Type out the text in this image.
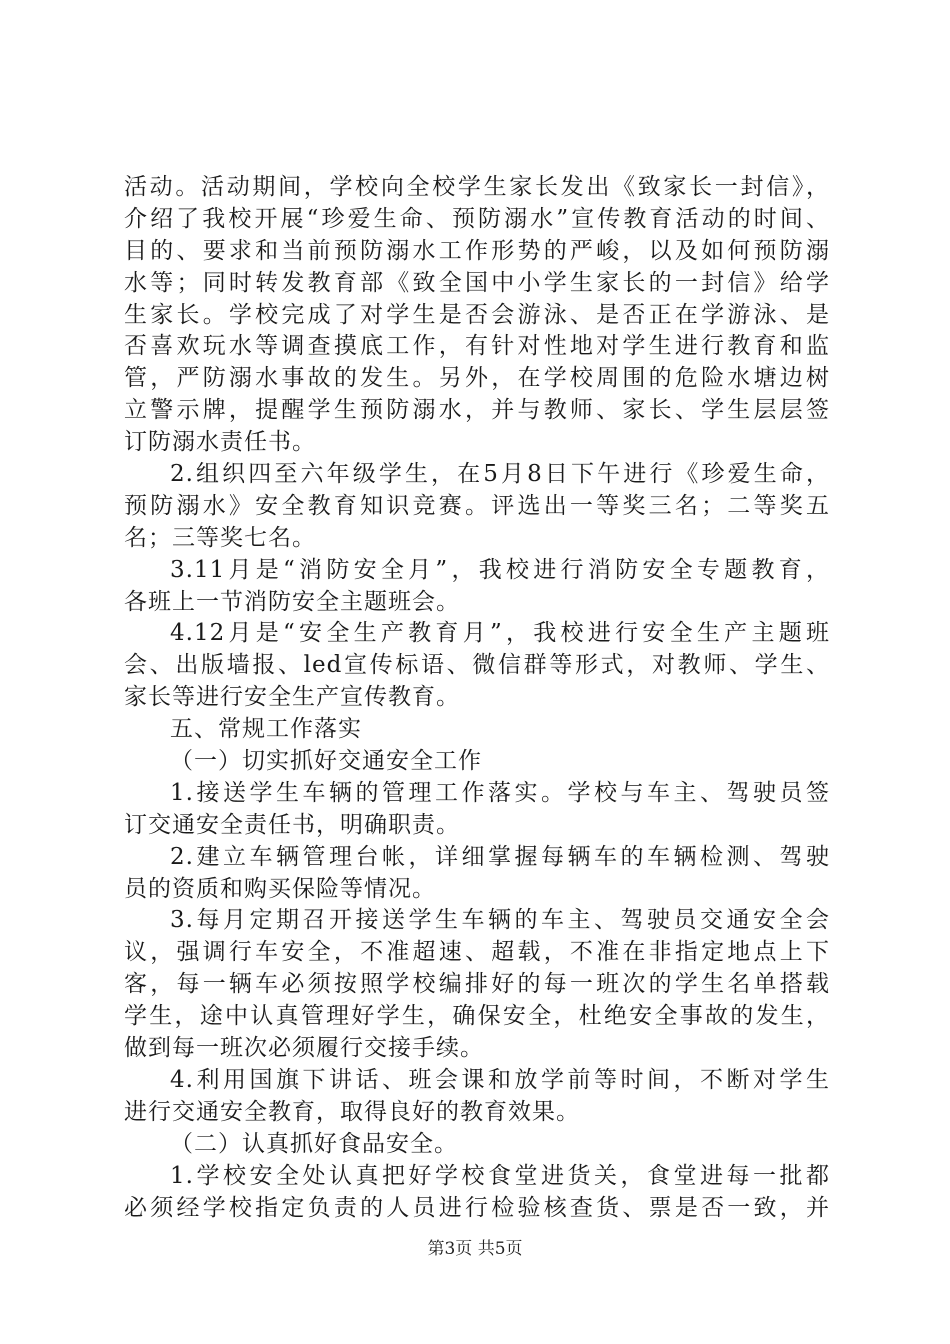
活动。活动期间，学校向全校学生家长发出《致家长一封信》，
介绍了我校开展“珍爱生命、预防溺水”宣传教育活动的时间、
目的、要求和当前预防溺水工作形势的严峻，以及如何预防溺
水等；同时转发教育部《致全国中小学生家长的一封信》给学
生家长。学校完成了对学生是否会游泳、是否正在学游泳、是
否喜欢玩水等调查摸底工作，有针对性地对学生进行教育和监
管，严防溺水事故的发生。另外，在学校周围的危险水塘边树
立警示牌，提醒学生预防溺水，并与教师、家长、学生层层签
订防溺水责任书。
2.组织四至六年级学生，在5月8日下午进行《珍爱生命，
预防溺水》安全教育知识竞赛。评选出一等奖三名；二等奖五
名；三等奖七名。
3.11月是“消防安全月”，我校进行消防安全专题教育，
各班上一节消防安全主题班会。
4.12月是“安全生产教育月”，我校进行安全生产主题班
会、出版墙报、led宣传标语、微信群等形式，对教师、学生、
家长等进行安全生产宣传教育。
五、常规工作落实
（一）切实抓好交通安全工作
1.接送学生车辆的管理工作落实。学校与车主、驾驶员签
订交通安全责任书，明确职责。
2.建立车辆管理台帐，详细掌握每辆车的车辆检测、驾驶
员的资质和购买保险等情况。
3.每月定期召开接送学生车辆的车主、驾驶员交通安全会
议，强调行车安全，不准超速、超载，不准在非指定地点上下
客，每一辆车必须按照学校编排好的每一班次的学生名单搭载
学生，途中认真管理好学生，确保安全，杜绝安全事故的发生，
做到每一班次必须履行交接手续。
4.利用国旗下讲话、班会课和放学前等时间，不断对学生
进行交通安全教育，取得良好的教育效果。
（二）认真抓好食品安全。
1.学校安全处认真把好学校食堂进货关，食堂进每一批都
必须经学校指定负责的人员进行检验核查货、票是否一致，并
第3页 共5页
